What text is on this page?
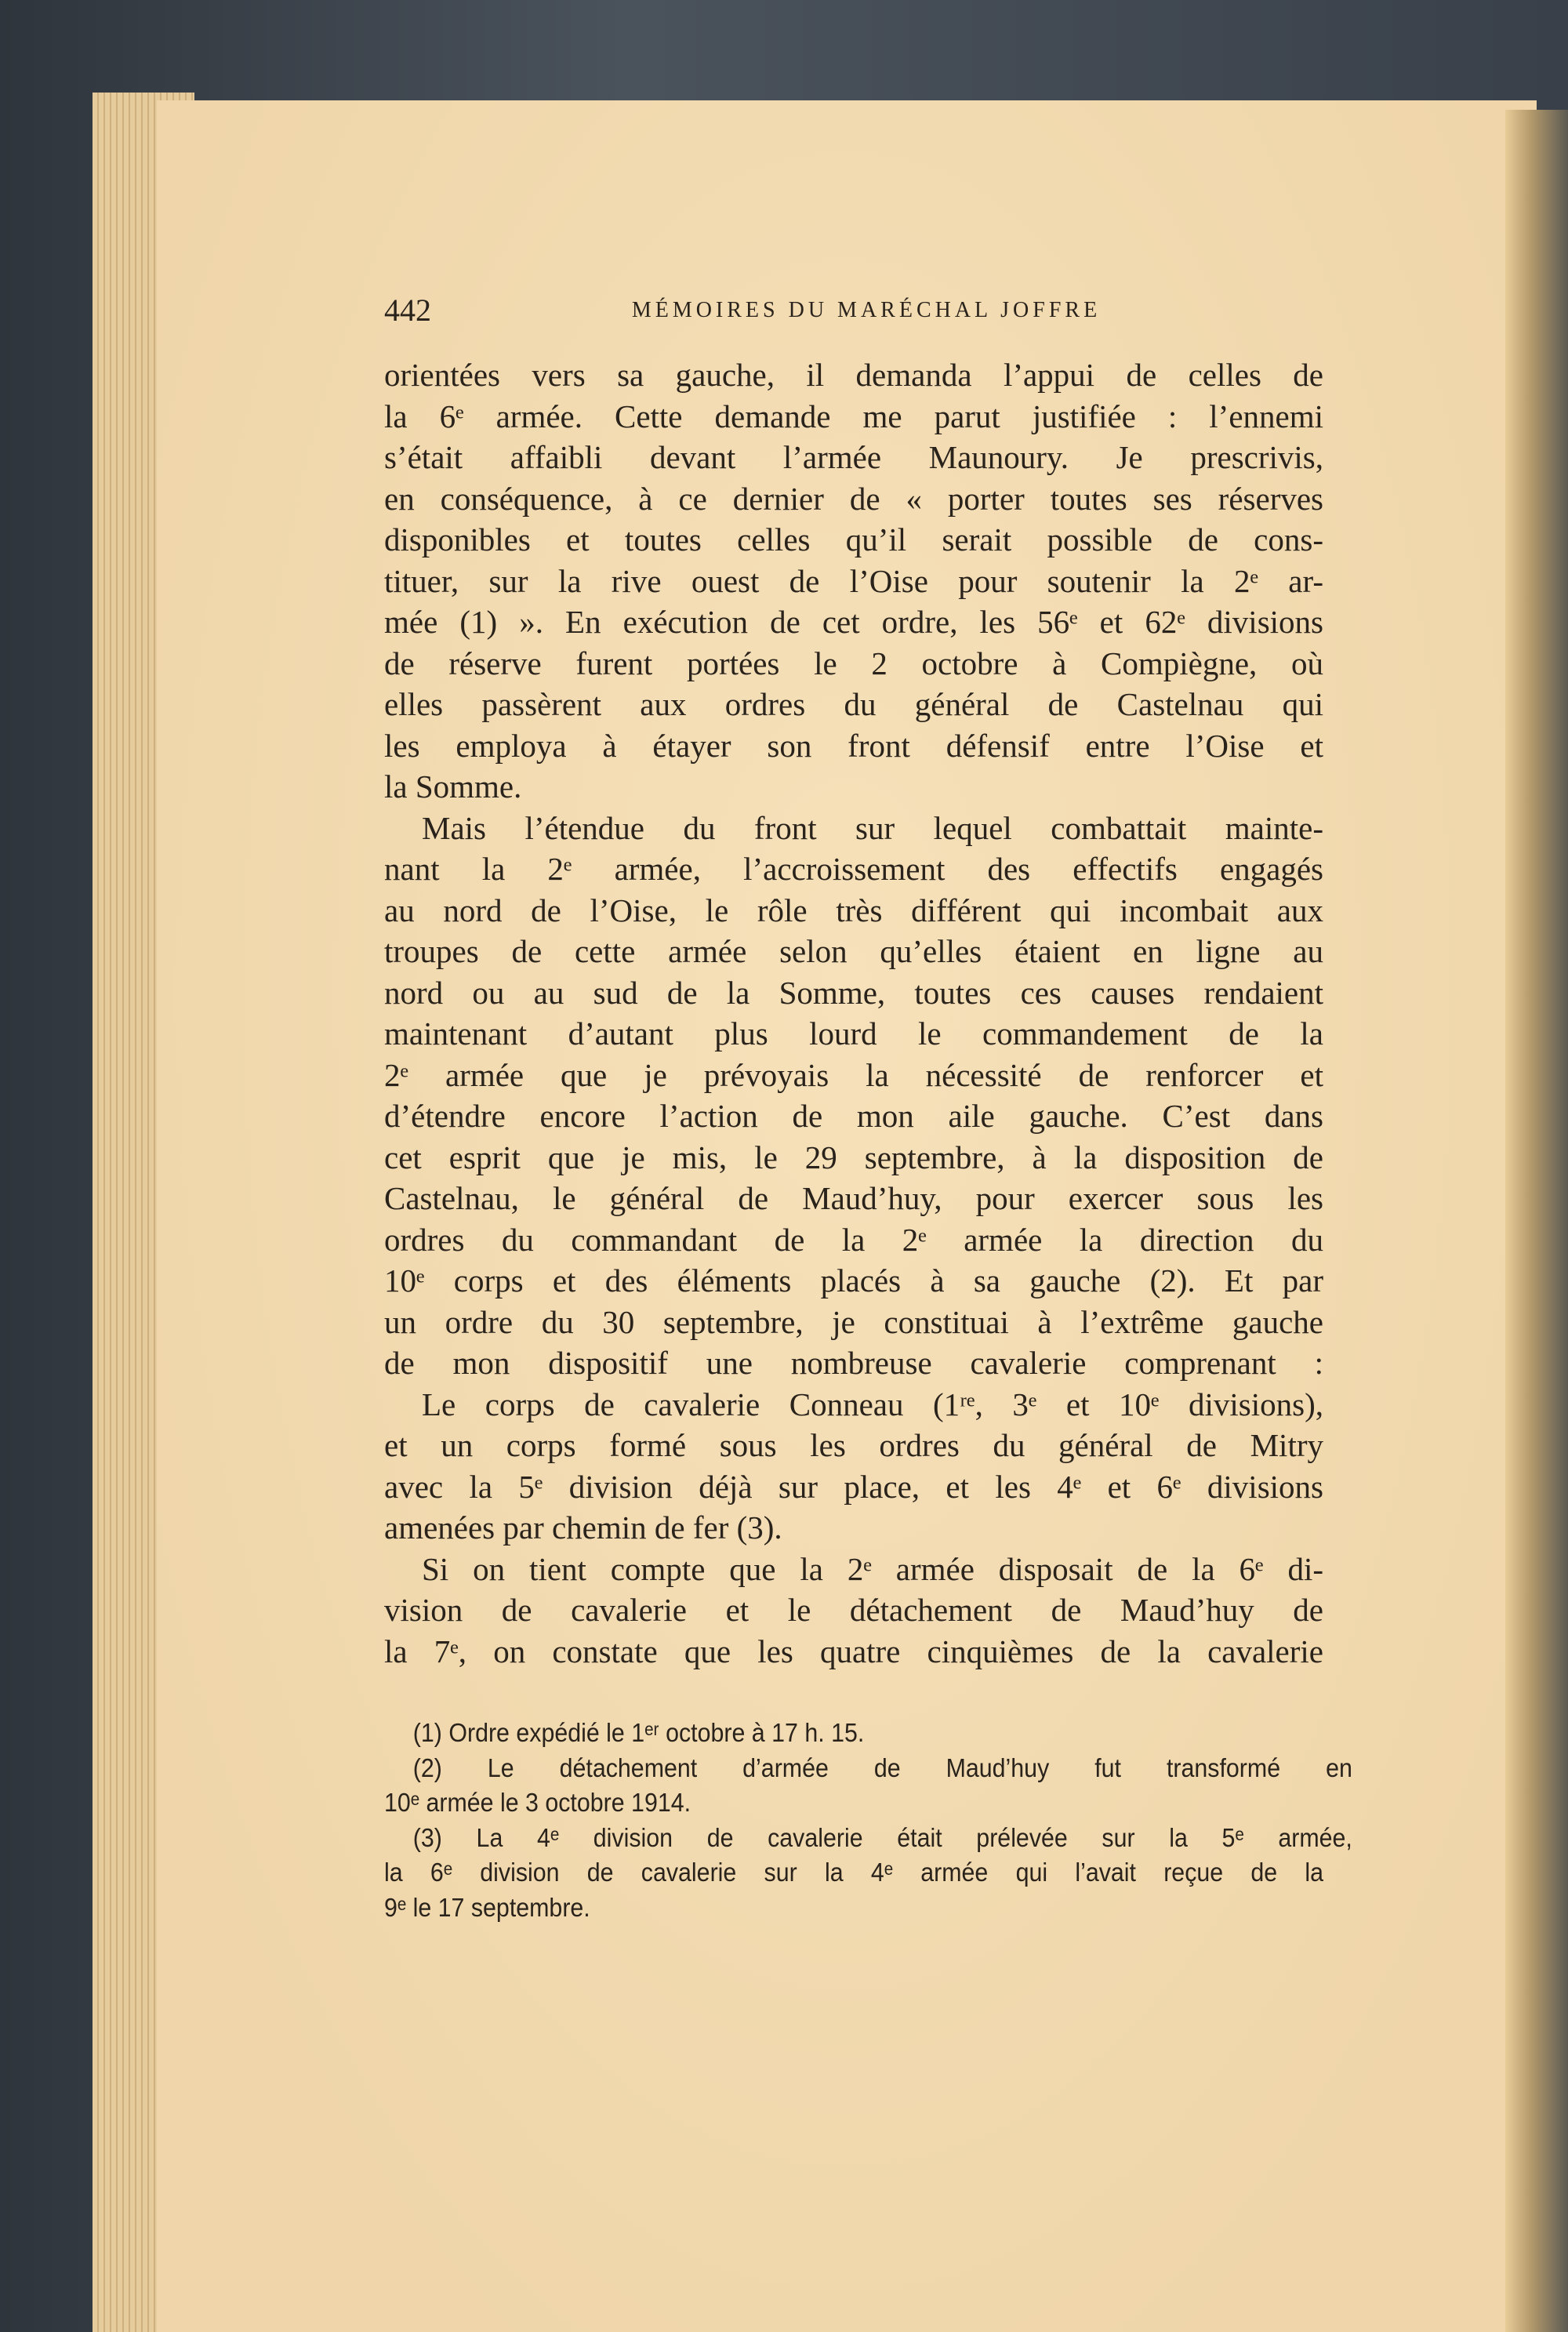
442	MÉMOIRES DU MARÉCHAL JOFFRE
orientées vers sa gauche, il demanda l’appui de celles de
la 6ᵉ armée. Cette demande me parut justifiée : l’ennemi
s’était affaibli devant l’armée Maunoury. Je prescrivis,
en conséquence, à ce dernier de « porter toutes ses réserves
disponibles et toutes celles qu’il serait possible de cons-
tituer, sur la rive ouest de l’Oise pour soutenir la 2ᵉ ar-
mée (1) ». En exécution de cet ordre, les 56ᵉ et 62ᵉ divisions
de réserve furent portées le 2 octobre à Compiègne, où
elles passèrent aux ordres du général de Castelnau qui
les employa à étayer son front défensif entre l’Oise et
la Somme.
Mais l’étendue du front sur lequel combattait mainte-
nant la 2ᵉ armée, l’accroissement des effectifs engagés
au nord de l’Oise, le rôle très différent qui incombait aux
troupes de cette armée selon qu’elles étaient en ligne au
nord ou au sud de la Somme, toutes ces causes rendaient
maintenant d’autant plus lourd le commandement de la
2ᵉ armée que je prévoyais la nécessité de renforcer et
d’étendre encore l’action de mon aile gauche. C’est dans
cet esprit que je mis, le 29 septembre, à la disposition de
Castelnau, le général de Maud’huy, pour exercer sous les
ordres du commandant de la 2ᵉ armée la direction du
10ᵉ corps et des éléments placés à sa gauche (2). Et par
un ordre du 30 septembre, je constituai à l’extrême gauche
de mon dispositif une nombreuse cavalerie comprenant :
Le corps de cavalerie Conneau (1ʳᵉ, 3ᵉ et 10ᵉ divisions),
et un corps formé sous les ordres du général de Mitry
avec la 5ᵉ division déjà sur place, et les 4ᵉ et 6ᵉ divisions
amenées par chemin de fer (3).
Si on tient compte que la 2ᵉ armée disposait de la 6ᵉ di-
vision de cavalerie et le détachement de Maud’huy de
la 7ᵉ, on constate que les quatre cinquièmes de la cavalerie
(1) Ordre expédié le 1ᵉʳ octobre à 17 h. 15.
(2) Le détachement d’armée de Maud’huy fut transformé en
10ᵉ armée le 3 octobre 1914.
(3) La 4ᵉ division de cavalerie était prélevée sur la 5ᵉ armée,
la 6ᵉ division de cavalerie sur la 4ᵉ armée qui l’avait reçue de la
9ᵉ le 17 septembre.
